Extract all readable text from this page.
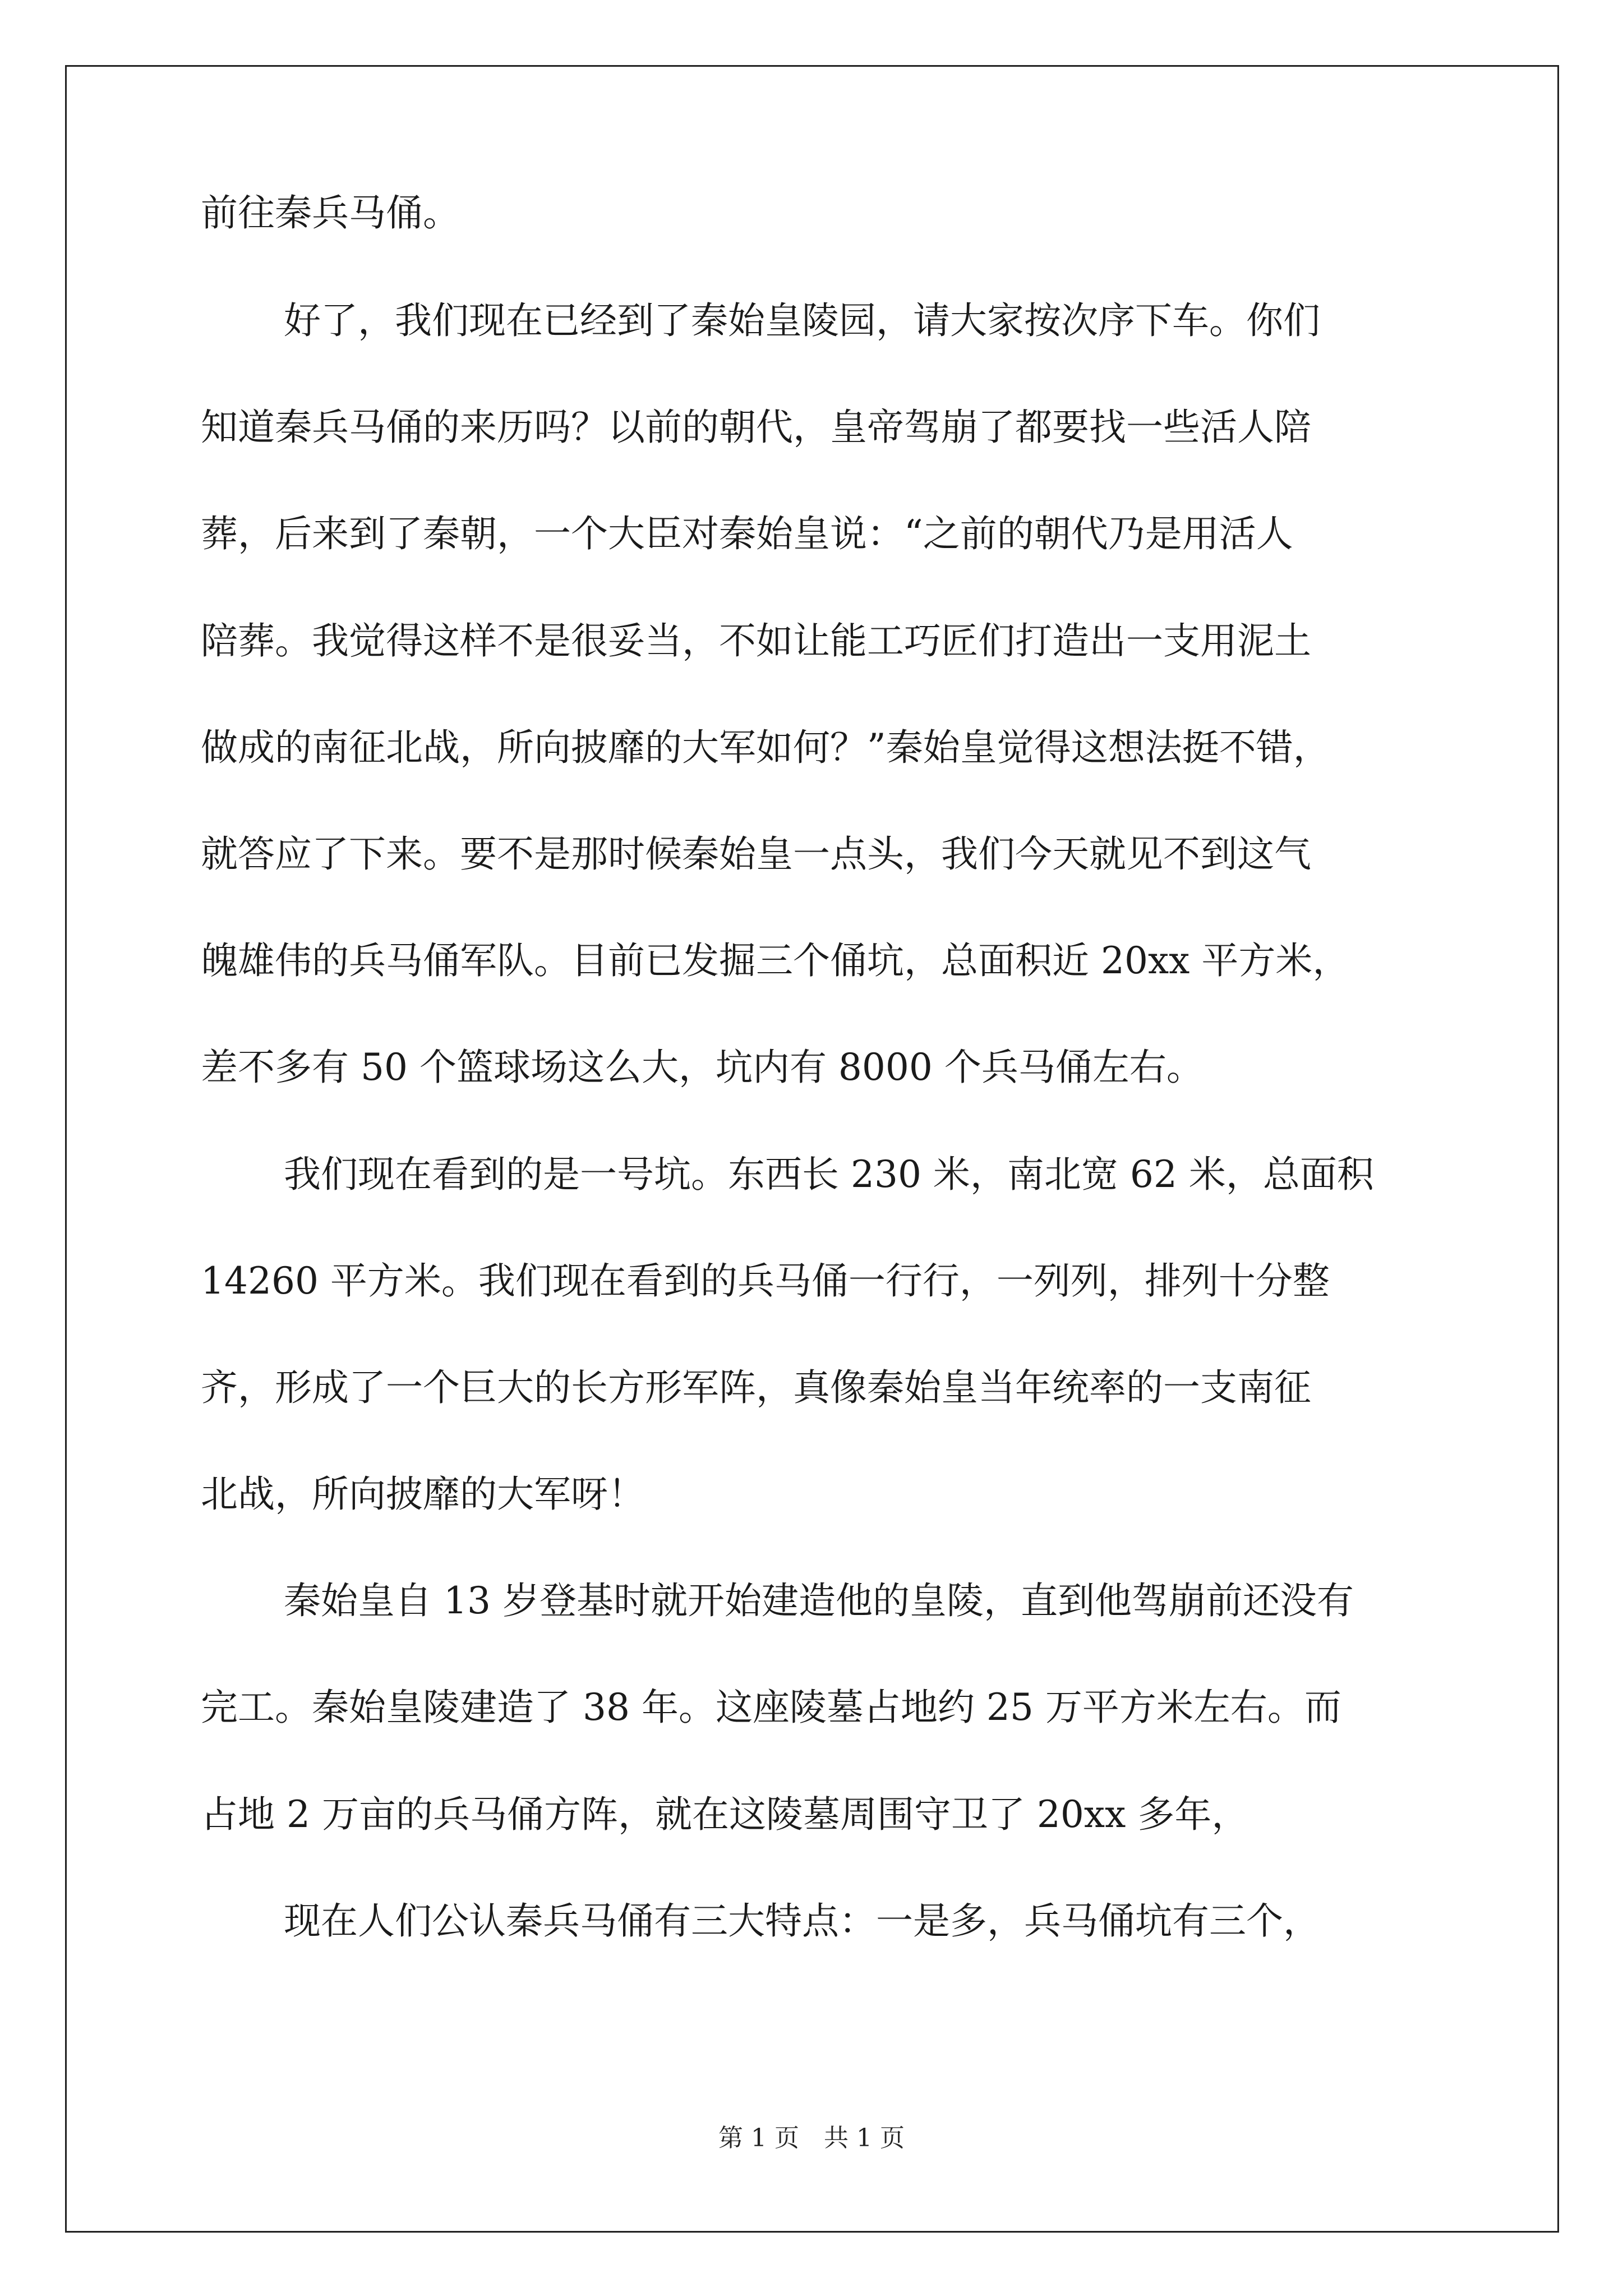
前往秦兵马俑。

好了，我们现在已经到了秦始皇陵园，请大家按次序下车。你们

知道秦兵马俑的来历吗？以前的朝代，皇帝驾崩了都要找一些活人陪

葬，后来到了秦朝，一个大臣对秦始皇说：“之前的朝代乃是用活人

陪葬。我觉得这样不是很妥当，不如让能工巧匠们打造出一支用泥土

做成的南征北战，所向披靡的大军如何？”秦始皇觉得这想法挺不错，

就答应了下来。要不是那时候秦始皇一点头，我们今天就见不到这气

魄雄伟的兵马俑军队。目前已发掘三个俑坑，总面积近 20xx 平方米，

差不多有 50 个篮球场这么大，坑内有 8000 个兵马俑左右。

我们现在看到的是一号坑。东西长 230 米，南北宽 62 米，总面积

14260 平方米。我们现在看到的兵马俑一行行，一列列，排列十分整

齐，形成了一个巨大的长方形军阵，真像秦始皇当年统率的一支南征

北战，所向披靡的大军呀！

秦始皇自 13 岁登基时就开始建造他的皇陵，直到他驾崩前还没有

完工。秦始皇陵建造了 38 年。这座陵墓占地约 25 万平方米左右。而

占地 2 万亩的兵马俑方阵，就在这陵墓周围守卫了 20xx 多年，

现在人们公认秦兵马俑有三大特点：一是多，兵马俑坑有三个，

第 1 页　共 1 页
